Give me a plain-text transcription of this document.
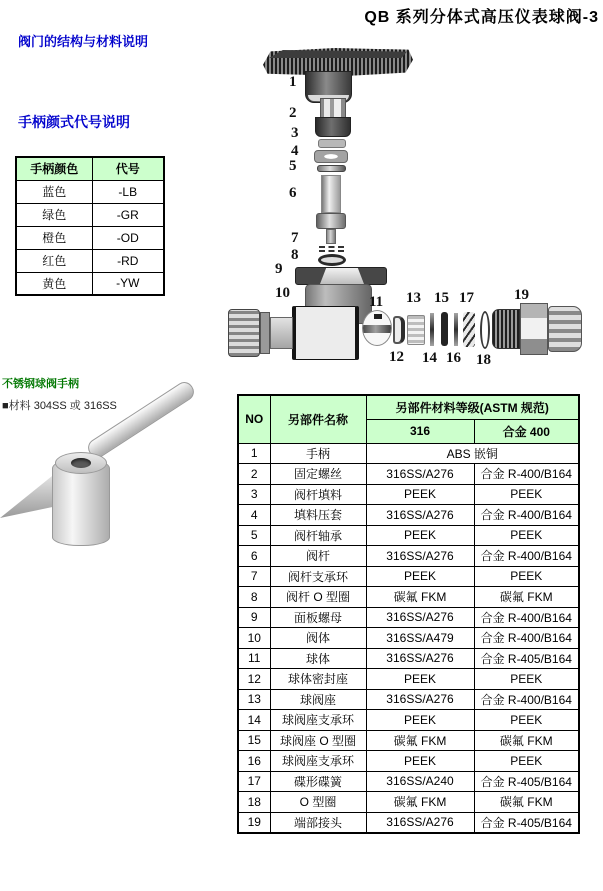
QB 系列分体式高压仪表球阀-3
阀门的结构与材料说明
手柄颜式代号说明
手柄颜色	代号
蓝色	-LB
绿色	-GR
橙色	-OD
红色	-RD
黄色	-YW
1
2
3
4
5
6
7
8
9
10
11
12
13
14
15
16
17
18
19
不锈钢球阀手柄
■材料 304SS 或 316SS
NO	另部件名称	另部件材料等级(ASTM 规范)	
		316	合金 400
1	手柄	ABS 嵌铜	
2	固定螺丝	316SS/A276	合金 R-400/B164
3	阀杆填料	PEEK	PEEK
4	填料压套	316SS/A276	合金 R-400/B164
5	阀杆轴承	PEEK	PEEK
6	阀杆	316SS/A276	合金 R-400/B164
7	阀杆支承环	PEEK	PEEK
8	阀杆 O 型圈	碳氟 FKM	碳氟 FKM
9	面板螺母	316SS/A276	合金 R-400/B164
10	阀体	316SS/A479	合金 R-400/B164
11	球体	316SS/A276	合金 R-405/B164
12	球体密封座	PEEK	PEEK
13	球阀座	316SS/A276	合金 R-400/B164
14	球阀座支承环	PEEK	PEEK
15	球阀座 O 型圈	碳氟 FKM	碳氟 FKM
16	球阀座支承环	PEEK	PEEK
17	碟形碟簧	316SS/A240	合金 R-405/B164
18	O 型圈	碳氟 FKM	碳氟 FKM
19	端部接头	316SS/A276	合金 R-405/B164
